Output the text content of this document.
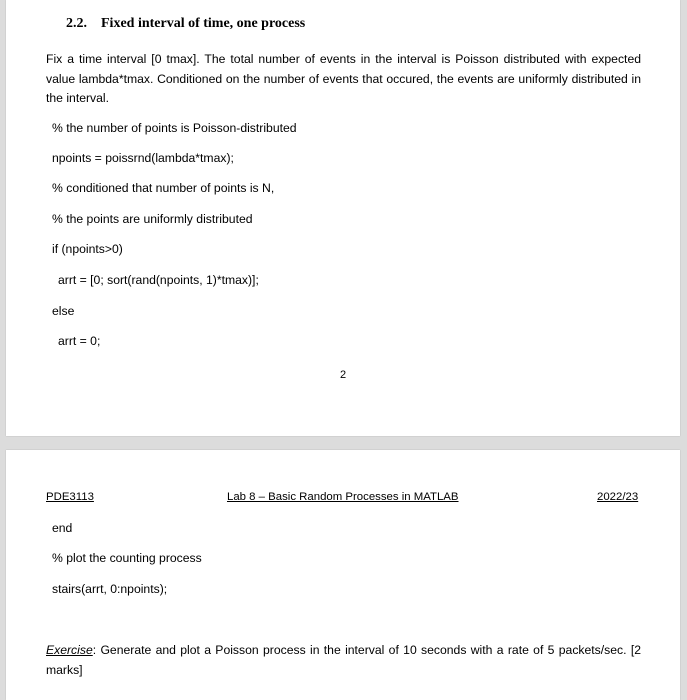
2.2. Fixed interval of time, one process
Fix a time interval [0 tmax]. The total number of events in the interval is Poisson distributed with expected value lambda*tmax. Conditioned on the number of events that occured, the events are uniformly distributed in the interval.
% the number of points is Poisson-distributed
npoints = poissrnd(lambda*tmax);
% conditioned that number of points is N,
% the points are uniformly distributed
if (npoints>0)
arrt = [0; sort(rand(npoints, 1)*tmax)];
else
arrt = 0;
2
PDE3113	Lab 8 – Basic Random Processes in MATLAB	2022/23
end
% plot the counting process
stairs(arrt, 0:npoints);
Exercise: Generate and plot a Poisson process in the interval of 10 seconds with a rate of 5 packets/sec. [2 marks]
